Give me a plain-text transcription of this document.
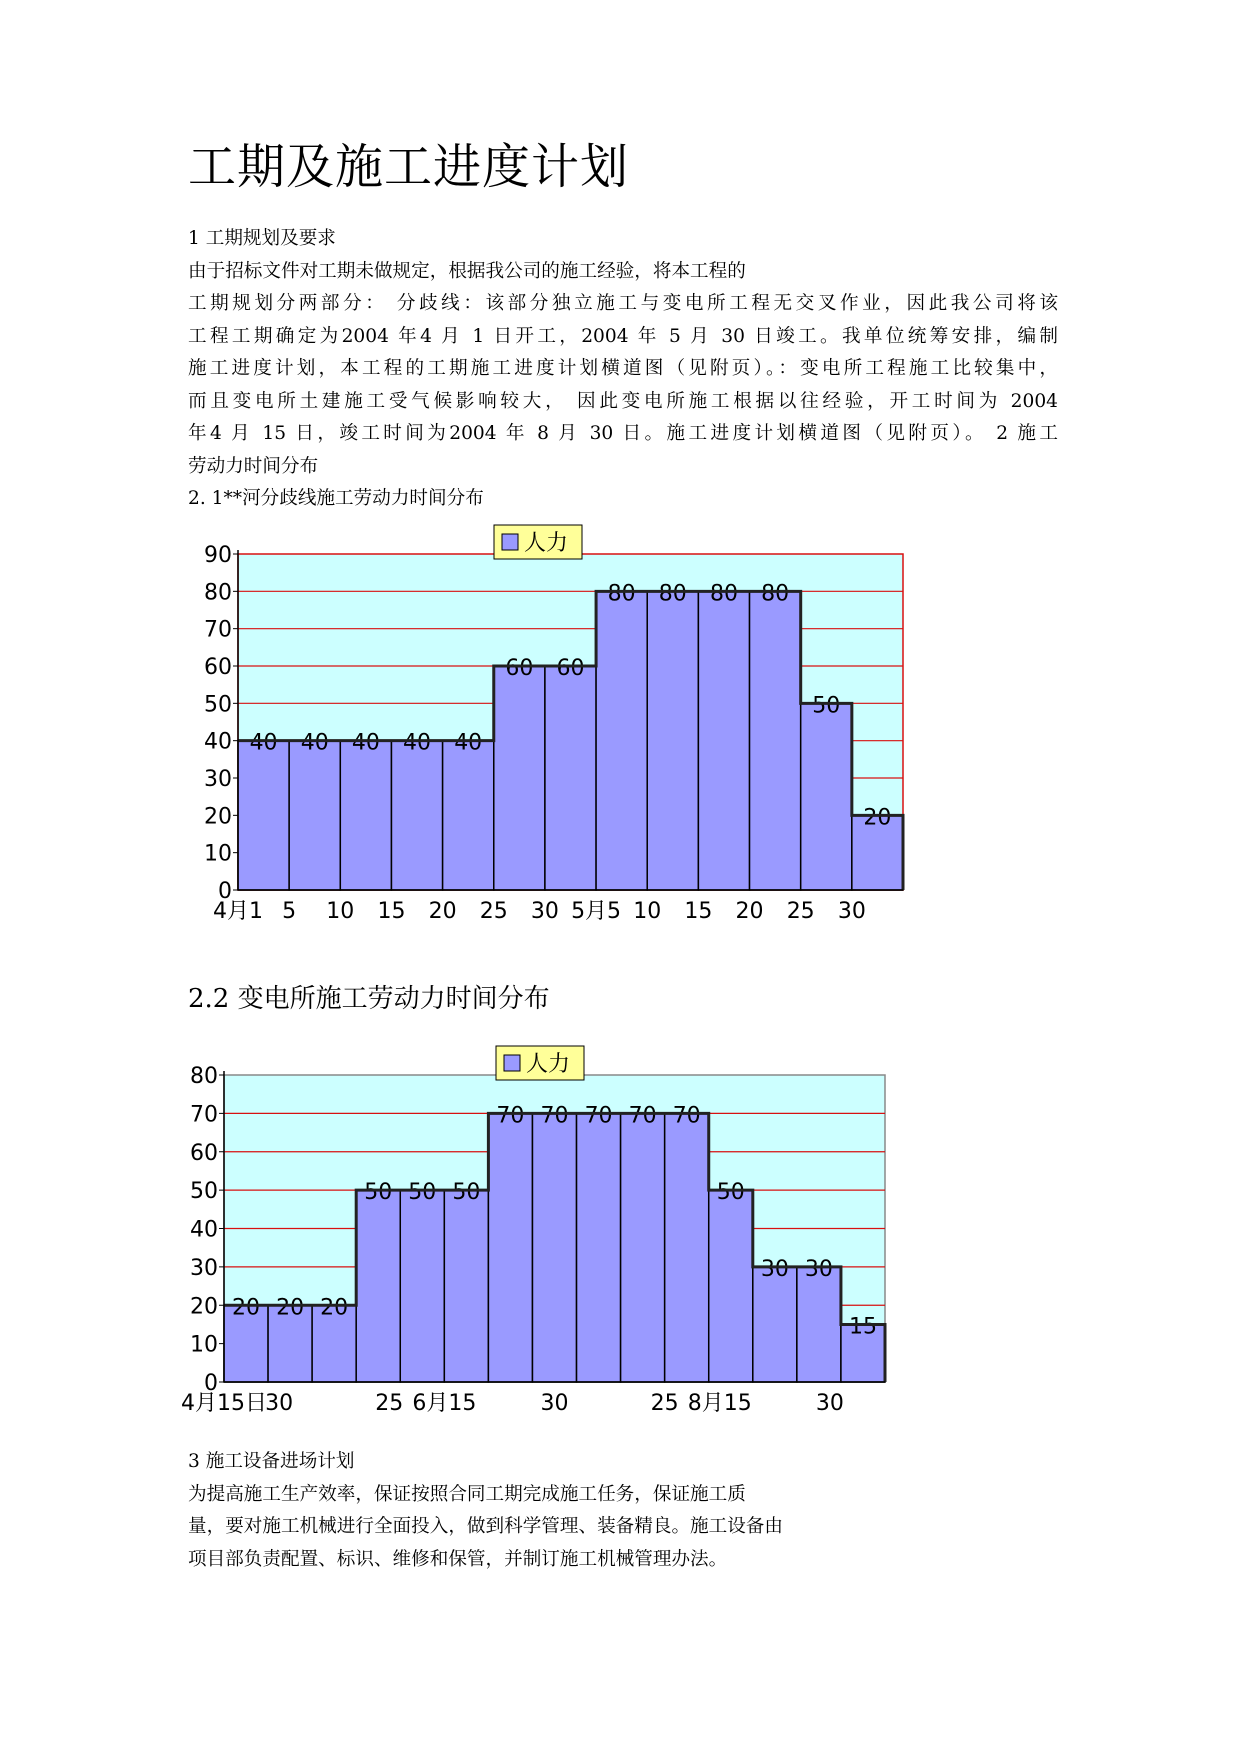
工期及施工进度计划

1 工期规划及要求

由于招标文件对工期未做规定，根据我公司的施工经验，将本工程的

工期规划分两部分： 分歧线：该部分独立施工与变电所工程无交叉作业，因此我公司将该

工程工期确定为2004 年4 月 1 日开工，2004 年 5 月 30 日竣工。我单位统筹安排，编制

施工进度计划，本工程的工期施工进度计划横道图（见附页）。：变电所工程施工比较集中，

而且变电所土建施工受气候影响较大， 因此变电所施工根据以往经验，开工时间为 2004

年4 月 15 日，竣工时间为2004 年 8 月 30 日。施工进度计划横道图（见附页）。 2 施工

劳动力时间分布

2. 1**河分歧线施工劳动力时间分布

0
10
20
30
40
50
60
70
80
90
40 40 40 40 40
60 60
80 80 80 80
50
20
4月1 5 10 15 20 25 30 5月5 10 15 20 25 30
人力
2.2 变电所施工劳动力时间分布
0
10
20
30
40
50
60
70
80
20 20 20
50 50 50
70 70 70 70 70
50
30 30
15
4月15日
30	25 6月15	30	25 8月15	30
人力

3 施工设备进场计划

为提高施工生产效率，保证按照合同工期完成施工任务，保证施工质

量，要对施工机械进行全面投入，做到科学管理、装备精良。施工设备由

项目部负责配置、标识、维修和保管，并制订施工机械管理办法。
